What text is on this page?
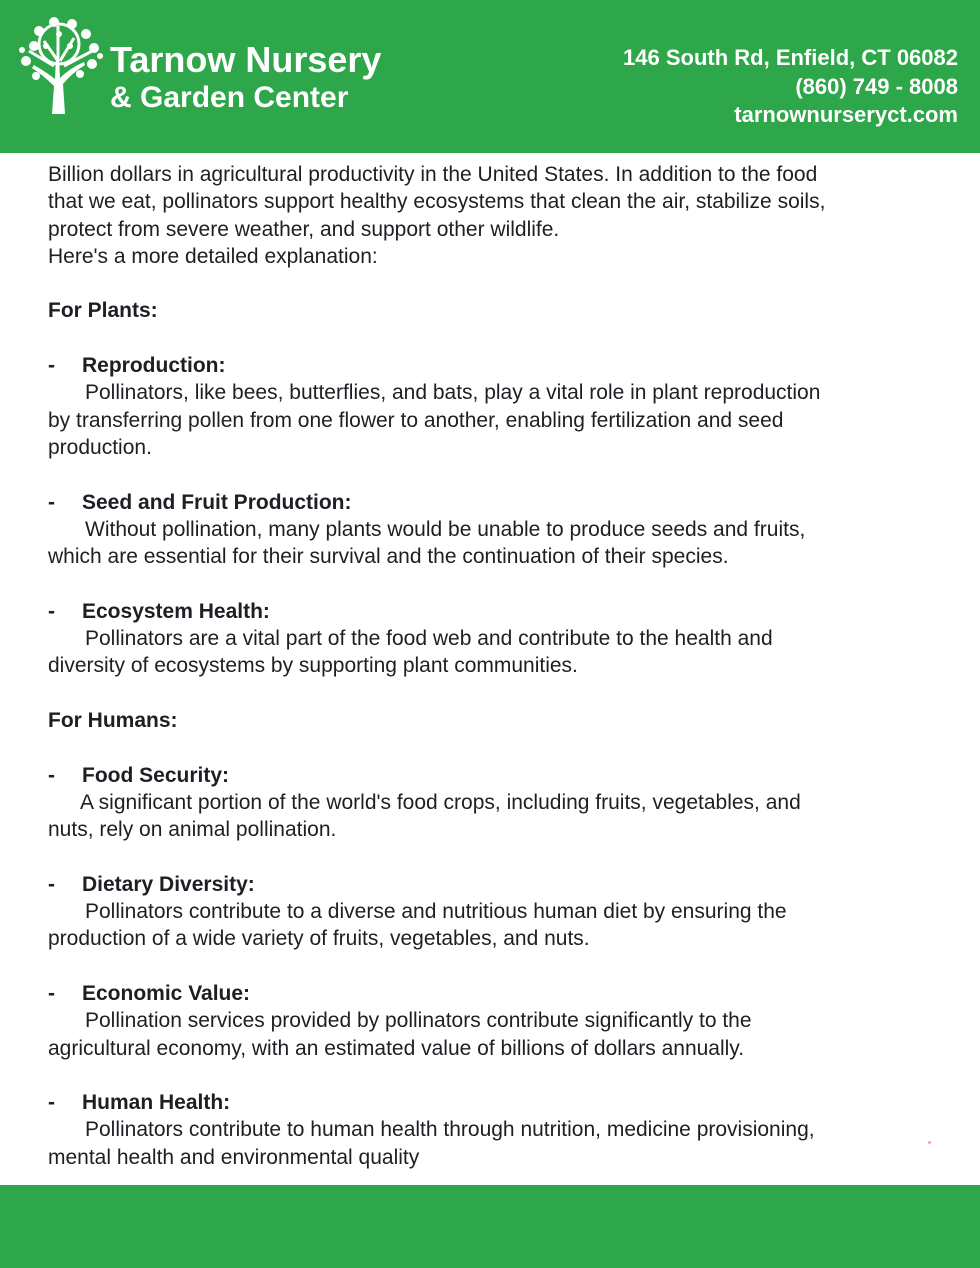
Tarnow Nursery
& Garden Center
146 South Rd, Enfield, CT 06082
(860) 749 - 8008
tarnownurseryct.com
Billion dollars in agricultural productivity in the United States. In addition to the food
that we eat, pollinators support healthy ecosystems that clean the air, stabilize soils,
protect from severe weather, and support other wildlife.
Here's a more detailed explanation:
For Plants:
-	Reproduction:
Pollinators, like bees, butterflies, and bats, play a vital role in plant reproduction
by transferring pollen from one flower to another, enabling fertilization and seed
production.
-	Seed and Fruit Production:
Without pollination, many plants would be unable to produce seeds and fruits,
which are essential for their survival and the continuation of their species.
-	Ecosystem Health:
Pollinators are a vital part of the food web and contribute to the health and
diversity of ecosystems by supporting plant communities.
For Humans:
-	Food Security:
A significant portion of the world's food crops, including fruits, vegetables, and
nuts, rely on animal pollination.
-	Dietary Diversity:
Pollinators contribute to a diverse and nutritious human diet by ensuring the
production of a wide variety of fruits, vegetables, and nuts.
-	Economic Value:
Pollination services provided by pollinators contribute significantly to the
agricultural economy, with an estimated value of billions of dollars annually.
-	Human Health:
Pollinators contribute to human health through nutrition, medicine provisioning,
mental health and environmental quality
